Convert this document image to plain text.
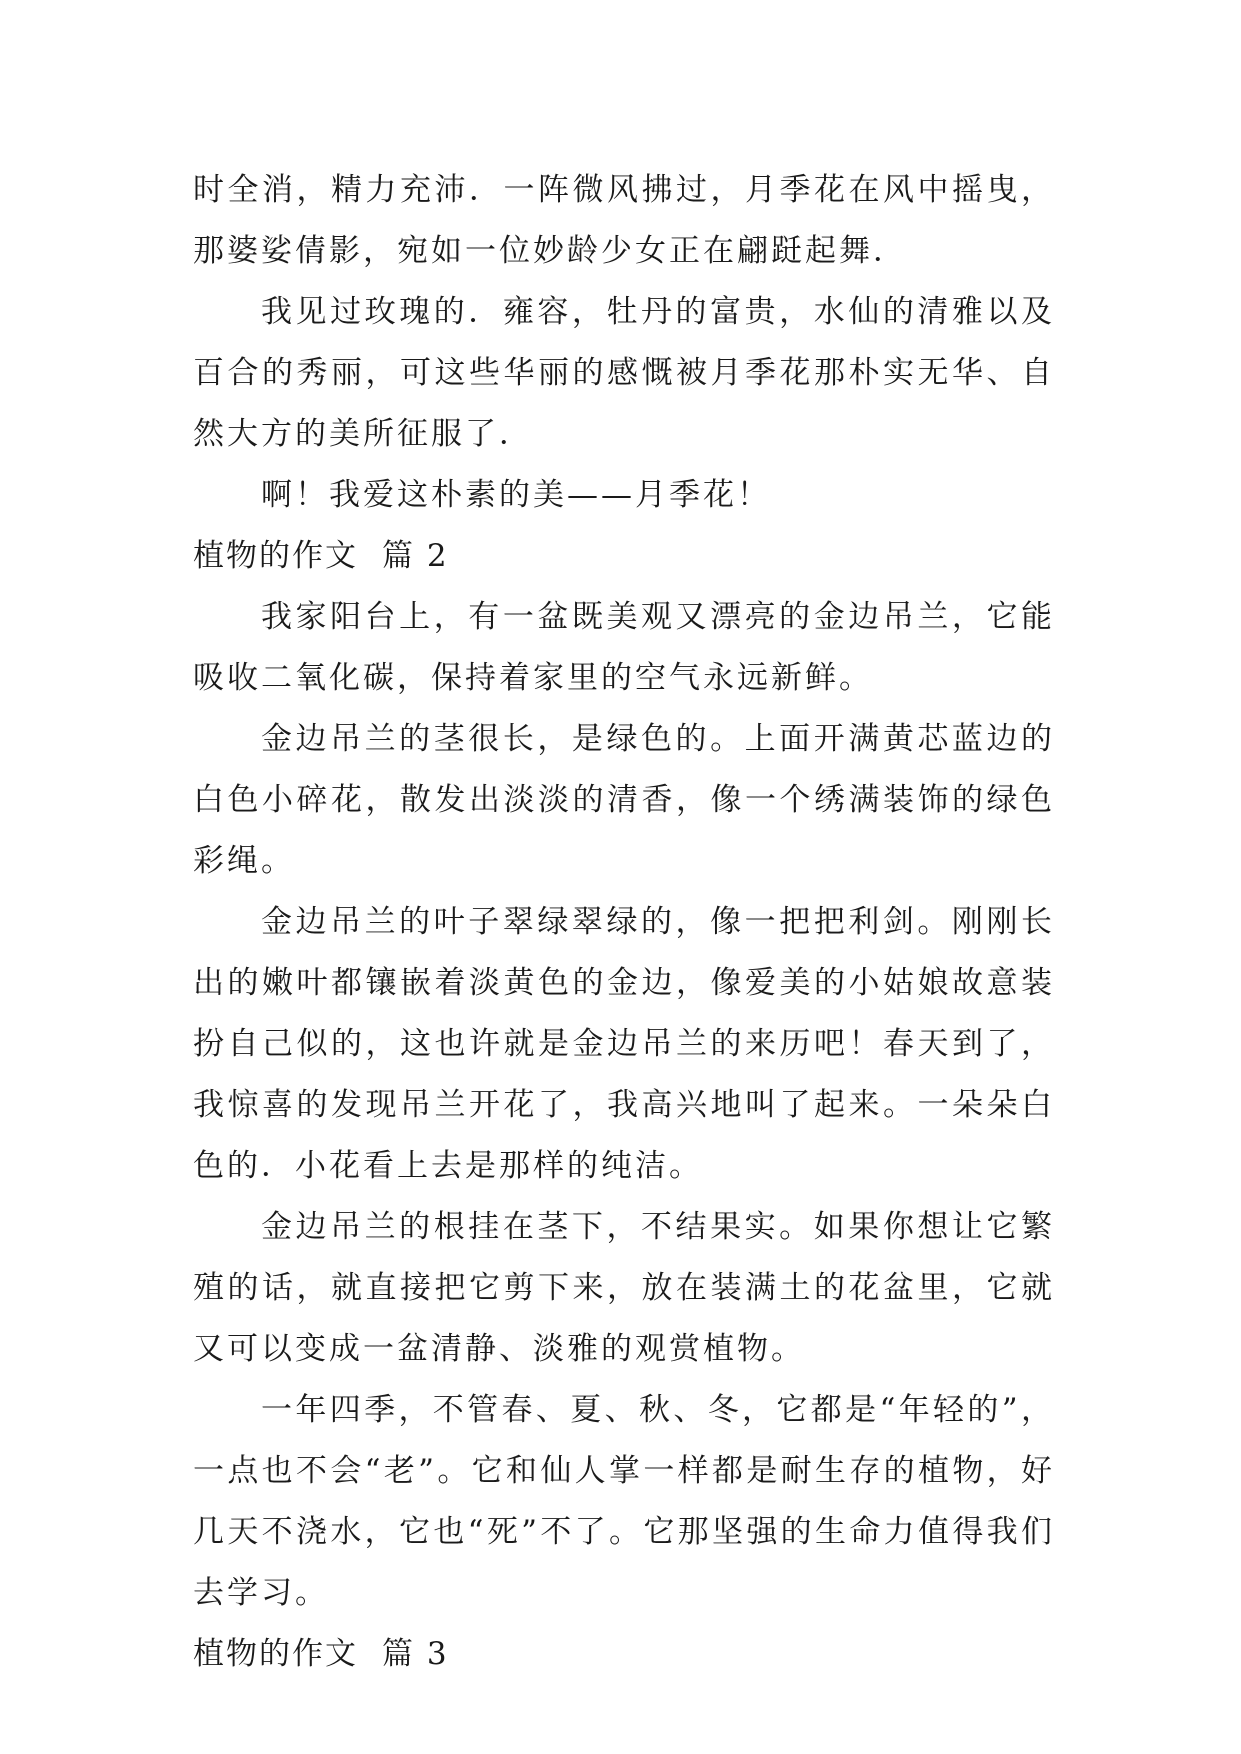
时全消，精力充沛．一阵微风拂过，月季花在风中摇曳，那婆娑倩影，宛如一位妙龄少女正在翩跹起舞．

我见过玫瑰的．雍容，牡丹的富贵，水仙的清雅以及百合的秀丽，可这些华丽的感慨被月季花那朴实无华、自然大方的美所征服了．

啊！我爱这朴素的美——月季花！

植物的作文 篇 2

我家阳台上，有一盆既美观又漂亮的金边吊兰，它能吸收二氧化碳，保持着家里的空气永远新鲜。

金边吊兰的茎很长，是绿色的。上面开满黄芯蓝边的白色小碎花，散发出淡淡的清香，像一个绣满装饰的绿色彩绳。

金边吊兰的叶子翠绿翠绿的，像一把把利剑。刚刚长出的嫩叶都镶嵌着淡黄色的金边，像爱美的小姑娘故意装扮自己似的，这也许就是金边吊兰的来历吧！春天到了，我惊喜的发现吊兰开花了，我高兴地叫了起来。一朵朵白色的．小花看上去是那样的纯洁。

金边吊兰的根挂在茎下，不结果实。如果你想让它繁殖的话，就直接把它剪下来，放在装满土的花盆里，它就又可以变成一盆清静、淡雅的观赏植物。

一年四季，不管春、夏、秋、冬，它都是“年轻的”，一点也不会“老”。它和仙人掌一样都是耐生存的植物，好几天不浇水，它也“死”不了。它那坚强的生命力值得我们去学习。

植物的作文 篇 3
